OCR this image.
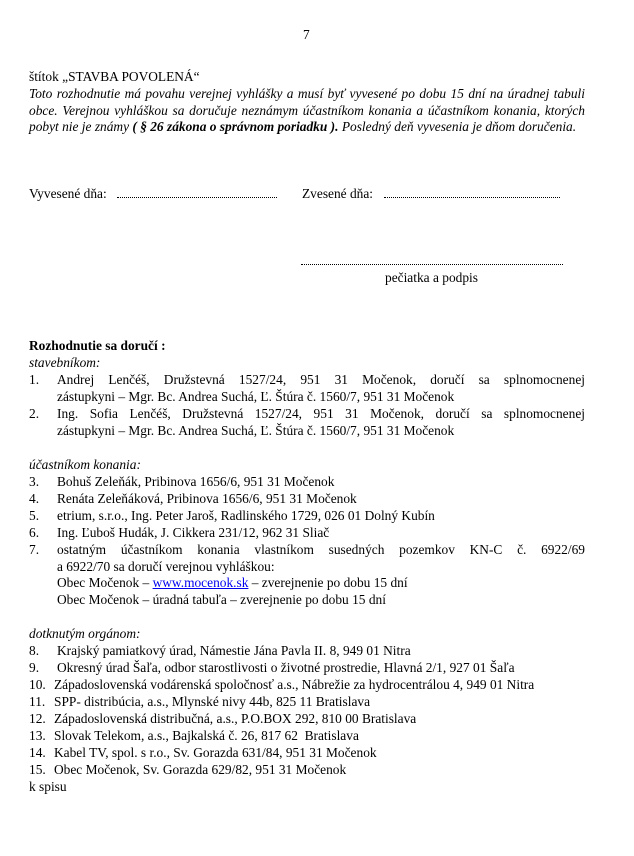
7
štítok „STAVBA POVOLENÁ“
Toto rozhodnutie má povahu verejnej vyhlášky a musí byť vyvesené po dobu 15 dní na úradnej tabuli obce. Verejnou vyhláškou sa doručuje neznámym účastníkom konania a účastníkom konania, ktorých pobyt nie je známy ( § 26 zákona o správnom poriadku ). Posledný deň vyvesenia je dňom doručenia.
Vyvesené dňa:	Zvesené dňa:
pečiatka a podpis
Rozhodnutie sa doručí :
stavebníkom:
1.	Andrej Lenčéš, Družstevná 1527/24, 951 31 Močenok, doručí sa splnomocnenej
zástupkyni – Mgr. Bc. Andrea Suchá, Ľ. Štúra č. 1560/7, 951 31 Močenok
2.	Ing. Sofia Lenčéš, Družstevná 1527/24, 951 31 Močenok, doručí sa splnomocnenej
zástupkyni – Mgr. Bc. Andrea Suchá, Ľ. Štúra č. 1560/7, 951 31 Močenok
účastníkom konania:
3.	Bohuš Zeleňák, Pribinova 1656/6, 951 31 Močenok
4.	Renáta Zeleňáková, Pribinova 1656/6, 951 31 Močenok
5.	etrium, s.r.o., Ing. Peter Jaroš, Radlinského 1729, 026 01 Dolný Kubín
6.	Ing. Ľuboš Hudák, J. Cikkera 231/12, 962 31 Sliač
7.	ostatným účastníkom konania vlastníkom susedných pozemkov KN-C č. 6922/69
a 6922/70 sa doručí verejnou vyhláškou:
Obec Močenok – www.mocenok.sk – zverejnenie po dobu 15 dní
Obec Močenok – úradná tabuľa – zverejnenie po dobu 15 dní
dotknutým orgánom:
8.	Krajský pamiatkový úrad, Námestie Jána Pavla II. 8, 949 01 Nitra
9.	Okresný úrad Šaľa, odbor starostlivosti o životné prostredie, Hlavná 2/1, 927 01 Šaľa
10. Západoslovenská vodárenská spoločnosť a.s., Nábrežie za hydrocentrálou 4, 949 01 Nitra
11. SPP- distribúcia, a.s., Mlynské nivy 44b, 825 11 Bratislava
12. Západoslovenská distribučná, a.s., P.O.BOX 292, 810 00 Bratislava
13. Slovak Telekom, a.s., Bajkalská č. 26, 817 62  Bratislava
14. Kabel TV, spol. s r.o., Sv. Gorazda 631/84, 951 31 Močenok
15. Obec Močenok, Sv. Gorazda 629/82, 951 31 Močenok
k spisu
